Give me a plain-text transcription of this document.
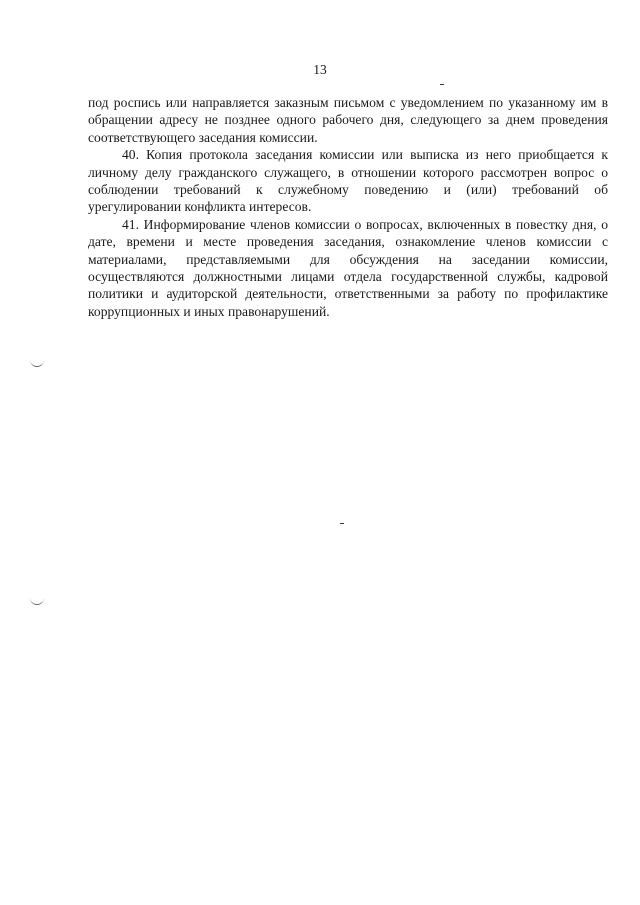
13

под роспись или направляется заказным письмом с уведомлением по указанному им в обращении адресу не позднее одного рабочего дня, следующего за днем проведения соответствующего заседания комиссии.

40. Копия протокола заседания комиссии или выписка из него приобщается к личному делу гражданского служащего, в отношении которого рассмотрен вопрос о соблюдении требований к служебному поведению и (или) требований об урегулировании конфликта интересов.

41. Информирование членов комиссии о вопросах, включенных в повестку дня, о дате, времени и месте проведения заседания, ознакомление членов комиссии с материалами, представляемыми для обсуждения на заседании комиссии, осуществляются должностными лицами отдела государственной службы, кадровой политики и аудиторской деятельности, ответственными за работу по профилактике коррупционных и иных правонарушений.
